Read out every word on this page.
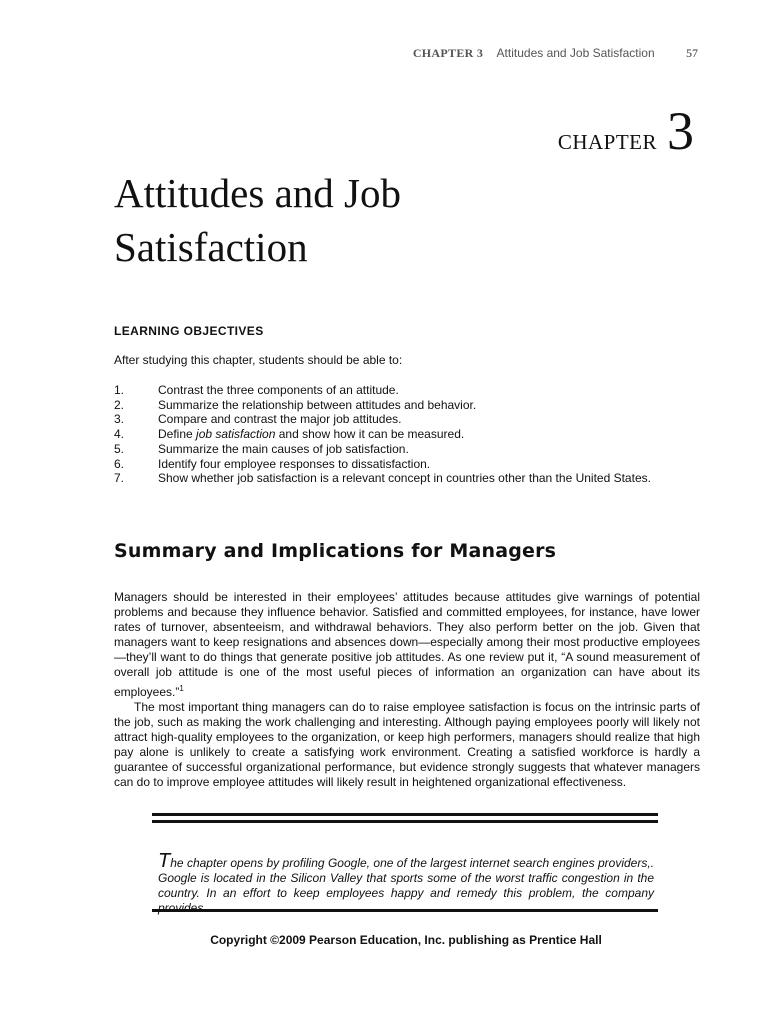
CHAPTER 3 Attitudes and Job Satisfaction	57
CHAPTER 3
Attitudes and Job
Satisfaction
LEARNING OBJECTIVES
After studying this chapter, students should be able to:
1.	Contrast the three components of an attitude.
2.	Summarize the relationship between attitudes and behavior.
3.	Compare and contrast the major job attitudes.
4.	Define job satisfaction and show how it can be measured.
5.	Summarize the main causes of job satisfaction.
6.	Identify four employee responses to dissatisfaction.
7.	Show whether job satisfaction is a relevant concept in countries other than the United States.
Summary and Implications for Managers

Managers should be interested in their employees’ attitudes because attitudes give warnings of potential problems and because they influence behavior. Satisfied and committed employees, for instance, have lower rates of turnover, absenteeism, and withdrawal behaviors. They also perform better on the job. Given that managers want to keep resignations and absences down—especially among their most productive employees—they’ll want to do things that generate positive job attitudes. As one review put it, “A sound measurement of overall job attitude is one of the most useful pieces of information an organization can have about its employees.”$^1$

The most important thing managers can do to raise employee satisfaction is focus on the intrinsic parts of the job, such as making the work challenging and interesting. Although paying employees poorly will likely not attract high-quality employees to the organization, or keep high performers, managers should realize that high pay alone is unlikely to create a satisfying work environment. Creating a satisfied workforce is hardly a guarantee of successful organizational performance, but evidence strongly suggests that whatever managers can do to improve employee attitudes will likely result in heightened organizational effectiveness.

The chapter opens by profiling Google, one of the largest internet search engines providers,. Google is located in the Silicon Valley that sports some of the worst traffic congestion in the country. In an effort to keep employees happy and remedy this problem, the company provides
Copyright ©2009 Pearson Education, Inc. publishing as Prentice Hall
